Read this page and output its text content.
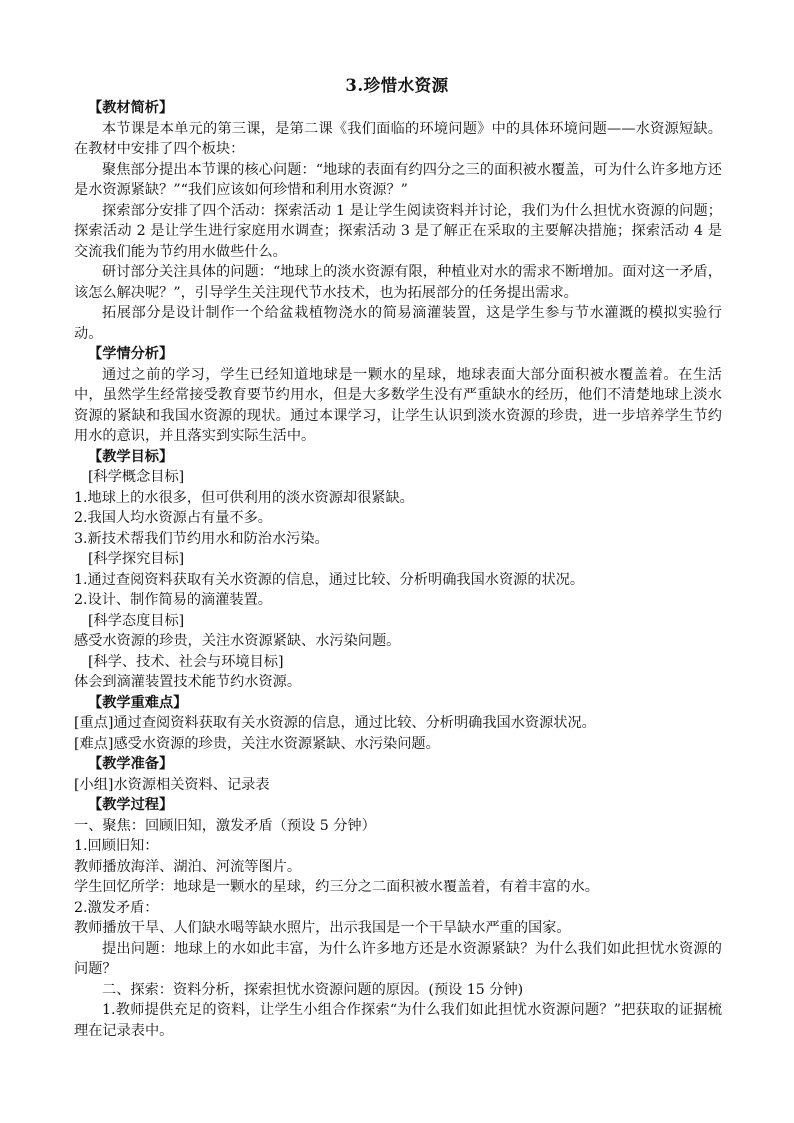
3.珍惜水资源

【教材简析】

本节课是本单元的第三课，是第二课《我们面临的环境问题》中的具体环境问题——水资源短缺。在教材中安排了四个板块：

聚焦部分提出本节课的核心问题：“地球的表面有约四分之三的面积被水覆盖，可为什么许多地方还是水资源紧缺？”“我们应该如何珍惜和利用水资源？”

探索部分安排了四个活动：探索活动 1 是让学生阅读资料并讨论，我们为什么担忧水资源的问题；探索活动 2 是让学生进行家庭用水调查；探索活动 3 是了解正在采取的主要解决措施；探索活动 4 是交流我们能为节约用水做些什么。

研讨部分关注具体的问题：“地球上的淡水资源有限，种植业对水的需求不断增加。面对这一矛盾，该怎么解决呢？”，引导学生关注现代节水技术，也为拓展部分的任务提出需求。

拓展部分是设计制作一个给盆栽植物浇水的简易滴灌装置，这是学生参与节水灌溉的模拟实验行动。

【学情分析】

通过之前的学习，学生已经知道地球是一颗水的星球，地球表面大部分面积被水覆盖着。在生活中，虽然学生经常接受教育要节约用水，但是大多数学生没有严重缺水的经历，他们不清楚地球上淡水资源的紧缺和我国水资源的现状。通过本课学习，让学生认识到淡水资源的珍贵，进一步培养学生节约用水的意识，并且落实到实际生活中。

【教学目标】

[科学概念目标]

1.地球上的水很多，但可供利用的淡水资源却很紧缺。

2.我国人均水资源占有量不多。

3.新技术帮我们节约用水和防治水污染。

[科学探究目标]

1.通过查阅资料获取有关水资源的信息，通过比较、分析明确我国水资源的状况。

2.设计、制作简易的滴灌装置。

[科学态度目标]

感受水资源的珍贵，关注水资源紧缺、水污染问题。

[科学、技术、社会与环境目标]

体会到滴灌装置技术能节约水资源。

【教学重难点】

[重点]通过查阅资料获取有关水资源的信息，通过比较、分析明确我国水资源状况。

[难点]感受水资源的珍贵，关注水资源紧缺、水污染问题。

【教学准备】

[小组]水资源相关资料、记录表

【教学过程】

一、聚焦：回顾旧知，激发矛盾（预设 5 分钟）

1.回顾旧知：

教师播放海洋、湖泊、河流等图片。

学生回忆所学：地球是一颗水的星球，约三分之二面积被水覆盖着，有着丰富的水。

2.激发矛盾：

教师播放干旱、人们缺水喝等缺水照片，出示我国是一个干旱缺水严重的国家。

提出问题：地球上的水如此丰富，为什么许多地方还是水资源紧缺？为什么我们如此担忧水资源的问题？

二、探索：资料分析，探索担忧水资源问题的原因。(预设 15 分钟)

1.教师提供充足的资料，让学生小组合作探索“为什么我们如此担忧水资源问题？”把获取的证据梳理在记录表中。
